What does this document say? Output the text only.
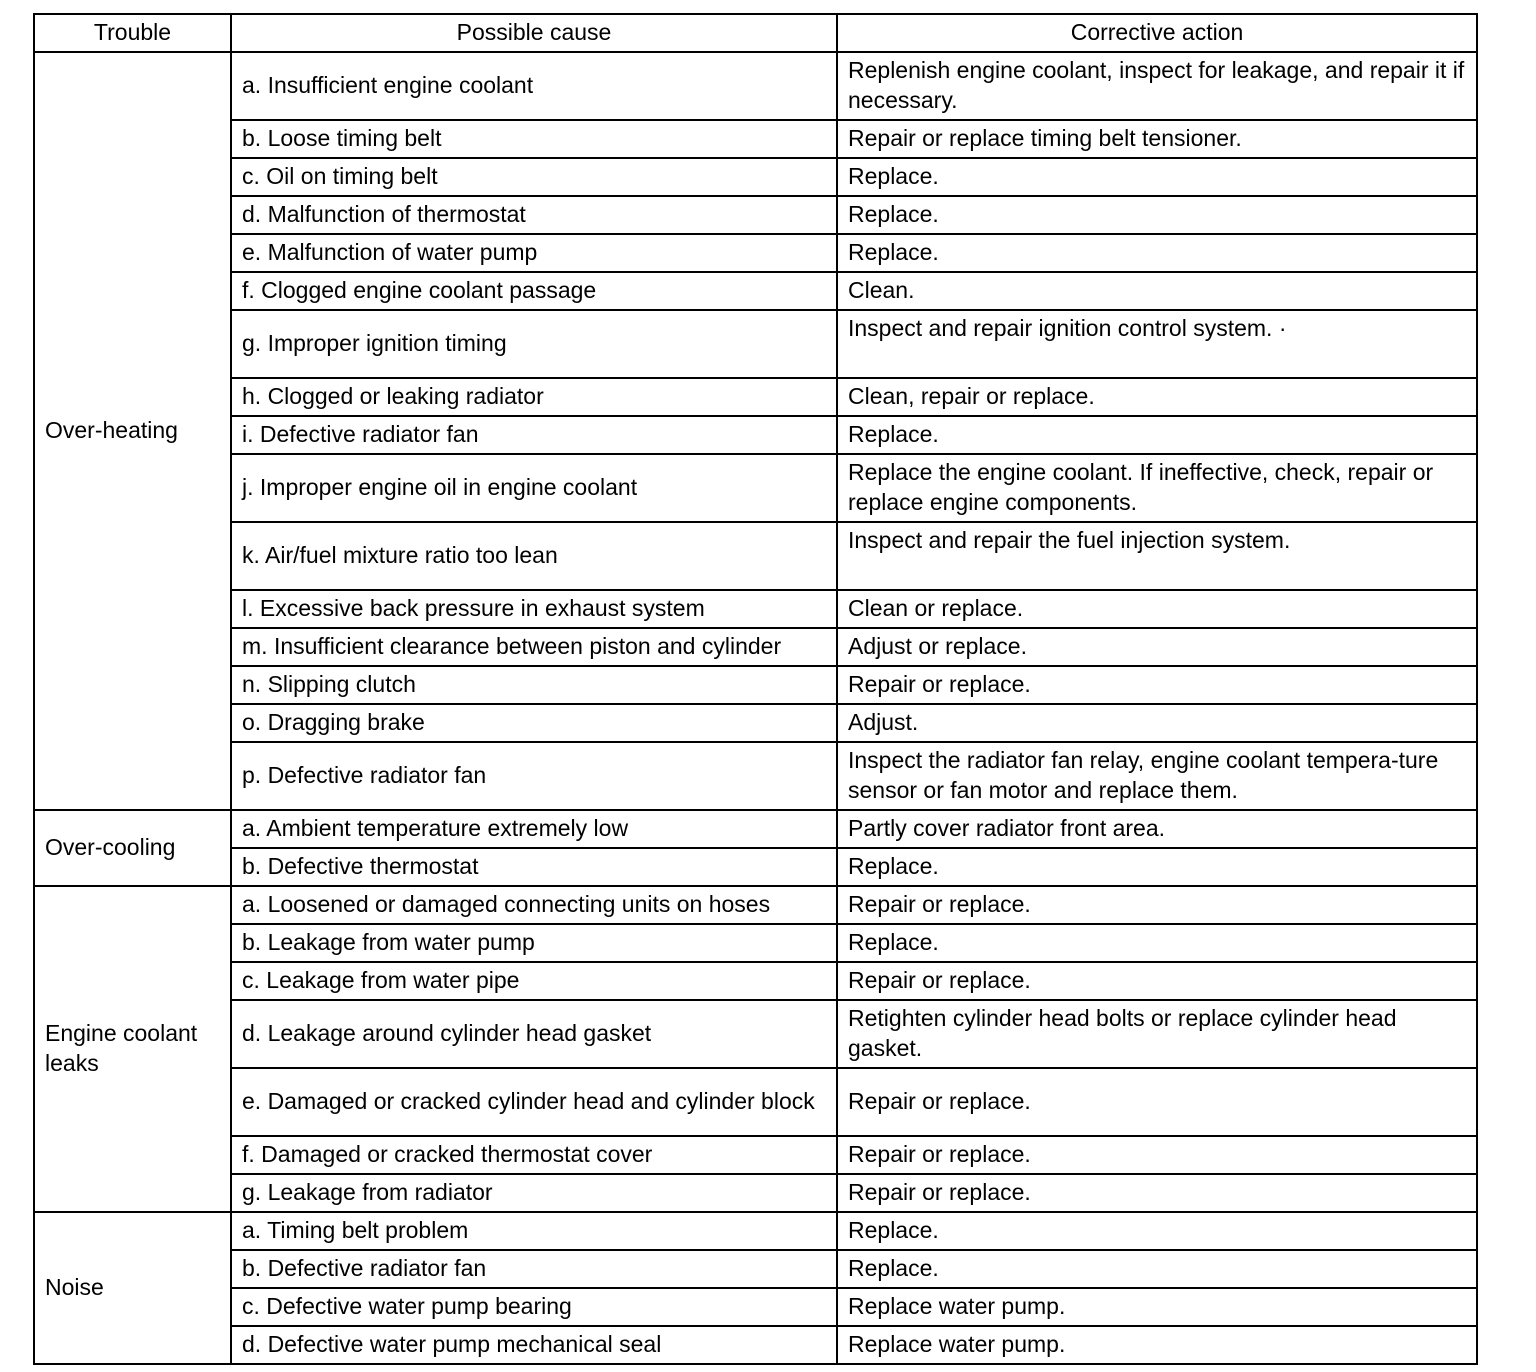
Trouble	Possible cause	Corrective action
Over-heating	a. Insufficient engine coolant	Replenish engine coolant, inspect for leakage, and repair it if necessary.
	b. Loose timing belt	Repair or replace timing belt tensioner.
	c. Oil on timing belt	Replace.
	d. Malfunction of thermostat	Replace.
	e. Malfunction of water pump	Replace.
	f. Clogged engine coolant passage	Clean.
	g. Improper ignition timing	Inspect and repair ignition control system. ·
	h. Clogged or leaking radiator	Clean, repair or replace.
	i. Defective radiator fan	Replace.
	j. Improper engine oil in engine coolant	Replace the engine coolant. If ineffective, check, repair or replace engine components.
	k. Air/fuel mixture ratio too lean	Inspect and repair the fuel injection system.
	l. Excessive back pressure in exhaust system	Clean or replace.
	m. Insufficient clearance between piston and cylinder	Adjust or replace.
	n. Slipping clutch	Repair or replace.
	o. Dragging brake	Adjust.
	p. Defective radiator fan	Inspect the radiator fan relay, engine coolant tempera-ture sensor or fan motor and replace them.
Over-cooling	a. Ambient temperature extremely low	Partly cover radiator front area.
	b. Defective thermostat	Replace.
Engine coolant leaks	a. Loosened or damaged connecting units on hoses	Repair or replace.
	b. Leakage from water pump	Replace.
	c. Leakage from water pipe	Repair or replace.
	d. Leakage around cylinder head gasket	Retighten cylinder head bolts or replace cylinder head gasket.
	e. Damaged or cracked cylinder head and cylinder block	Repair or replace.
	f. Damaged or cracked thermostat cover	Repair or replace.
	g. Leakage from radiator	Repair or replace.
Noise	a. Timing belt problem	Replace.
	b. Defective radiator fan	Replace.
	c. Defective water pump bearing	Replace water pump.
	d. Defective water pump mechanical seal	Replace water pump.
